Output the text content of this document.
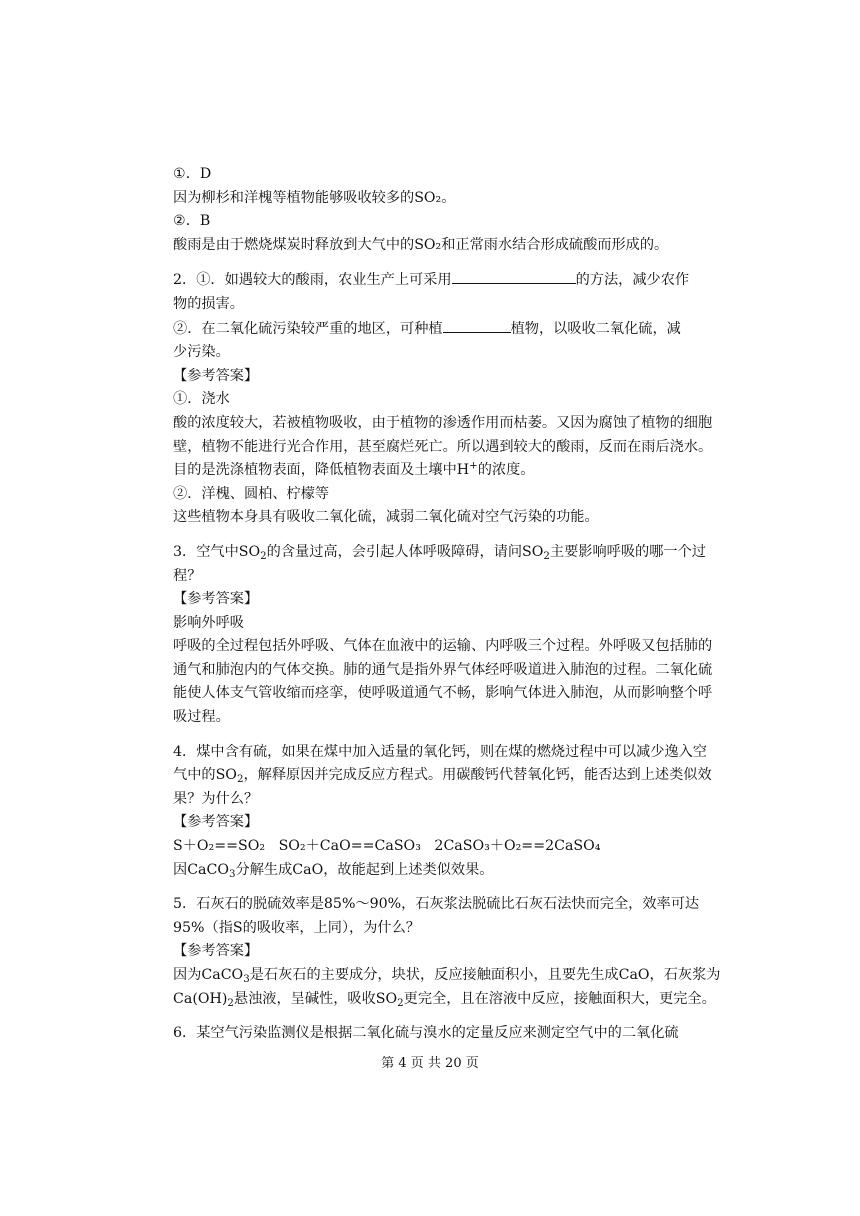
①．D

因为柳杉和洋槐等植物能够吸收较多的SO₂。

②．B

酸雨是由于燃烧煤炭时释放到大气中的SO₂和正常雨水结合形成硫酸而形成的。

2．①．如遇较大的酸雨，农业生产上可采用	的方法，减少农作

物的损害。

②．在二氧化硫污染较严重的地区，可种植	植物，以吸收二氧化硫，减

少污染。

【参考答案】

①．浇水

酸的浓度较大，若被植物吸收，由于植物的渗透作用而枯萎。又因为腐蚀了植物的细胞壁，植物不能进行光合作用，甚至腐烂死亡。所以遇到较大的酸雨，反而在雨后浇水。目的是洗涤植物表面，降低植物表面及土壤中H+的浓度。

②．洋槐、圆柏、柠檬等

这些植物本身具有吸收二氧化硫，减弱二氧化硫对空气污染的功能。

3．空气中$SO_2$的含量过高，会引起人体呼吸障碍，请问$SO_2$主要影响呼吸的哪一个过程？

【参考答案】

影响外呼吸

呼吸的全过程包括外呼吸、气体在血液中的运输、内呼吸三个过程。外呼吸又包括肺的通气和肺泡内的气体交换。肺的通气是指外界气体经呼吸道进入肺泡的过程。二氧化硫能使人体支气管收缩而痉挛，使呼吸道通气不畅，影响气体进入肺泡，从而影响整个呼吸过程。

4．煤中含有硫，如果在煤中加入适量的氧化钙，则在煤的燃烧过程中可以减少逸入空气中的$SO_2$，解释原因并完成反应方程式。用碳酸钙代替氧化钙，能否达到上述类似效果？为什么？

【参考答案】

S＋O₂==SO₂ SO₂＋CaO==CaSO₃ 2CaSO₃＋O₂==2CaSO₄

因CaCO$_3$分解生成CaO，故能起到上述类似效果。

5．石灰石的脱硫效率是85%～90%，石灰浆法脱硫比石灰石法快而完全，效率可达95%（指S的吸收率，上同），为什么？

【参考答案】

因为CaCO$_3$是石灰石的主要成分，块状，反应接触面积小，且要先生成CaO，石灰浆为$Ca(OH)_2$悬浊液，呈碱性，吸收$SO_2$更完全，且在溶液中反应，接触面积大，更完全。

6．某空气污染监测仪是根据二氧化硫与溴水的定量反应来测定空气中的二氧化硫

第 4 页 共 20 页
